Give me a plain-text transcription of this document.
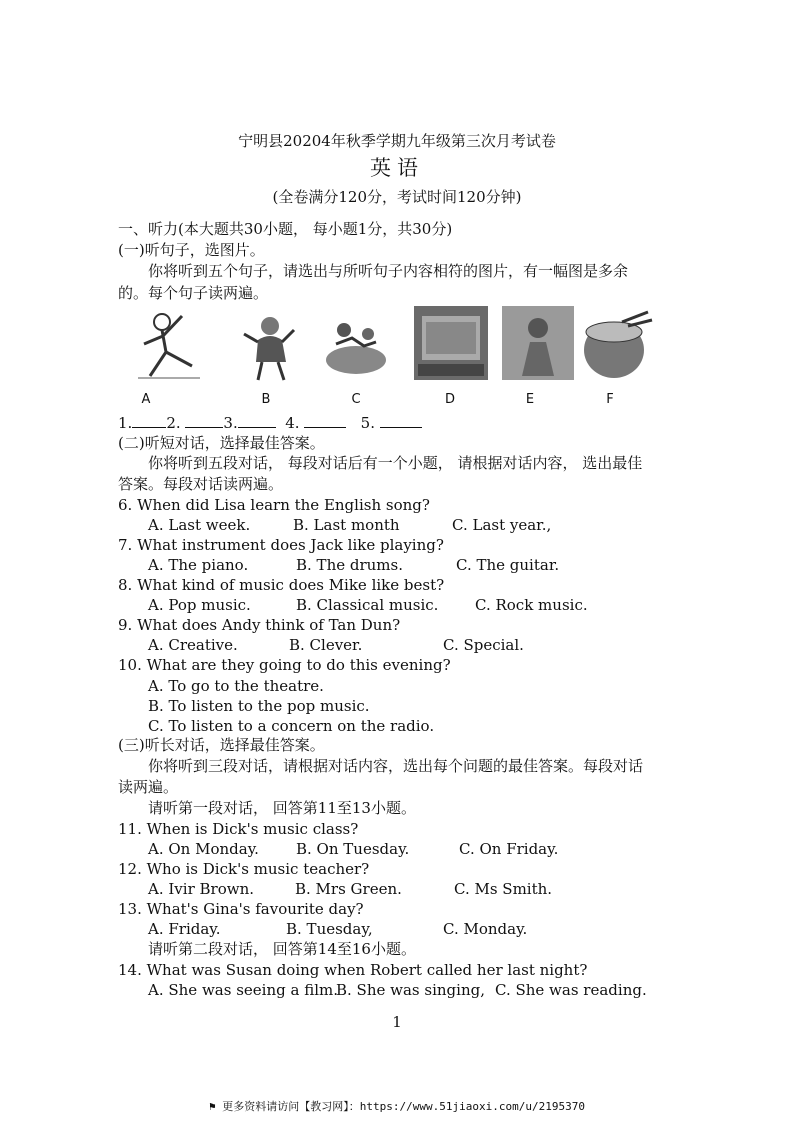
宁明县20204年秋季学期九年级第三次月考试卷
英语
(全卷满分120分，考试时间120分钟)
一、听力(本大题共30小题， 每小题1分，共30分)
(一)听句子，选图片。
你将听到五个句子，请选出与所听句子内容相符的图片，有一幅图是多余
的。每个句子读两遍。
A	B	C	D	E	F
1. 2.	3.	4.	5.
(二)听短对话，选择最佳答案。
你将听到五段对话， 每段对话后有一个小题， 请根据对话内容， 选出最佳
答案。每段对话读两遍。
6. When did Lisa learn the English song?
A. Last week.	B. Last month	C. Last year.,
7. What instrument does Jack like playing?
A. The piano.	B. The drums.	C. The guitar.
8. What kind of music does Mike like best?
A. Pop music.	B. Classical music. C. Rock music.
9. What does Andy think of Tan Dun?
A. Creative.	B. Clever.	C. Special.
10. What are they going to do this evening?
A. To go to the theatre.
B. To listen to the pop music.
C. To listen to a concern on the radio.
(三)听长对话，选择最佳答案。
你将听到三段对话，请根据对话内容，选出每个问题的最佳答案。每段对话
读两遍。
请听第一段对话， 回答第11至13小题。
11. When is Dick's music class?
A. On Monday. B. On Tuesday.	C. On Friday.
12. Who is Dick's music teacher?
A. Ivir Brown.	B. Mrs Green.	C. Ms Smith.
13. What's Gina's favourite day?
A. Friday.	B. Tuesday,	C. Monday.
请听第二段对话， 回答第14至16小题。
14. What was Susan doing when Robert called her last night?
A. She was seeing a film.
B. She was singing, C. She was reading.
1
⚑ 更多资料请访问【教习网】：https://www.51jiaoxi.com/u/2195370
